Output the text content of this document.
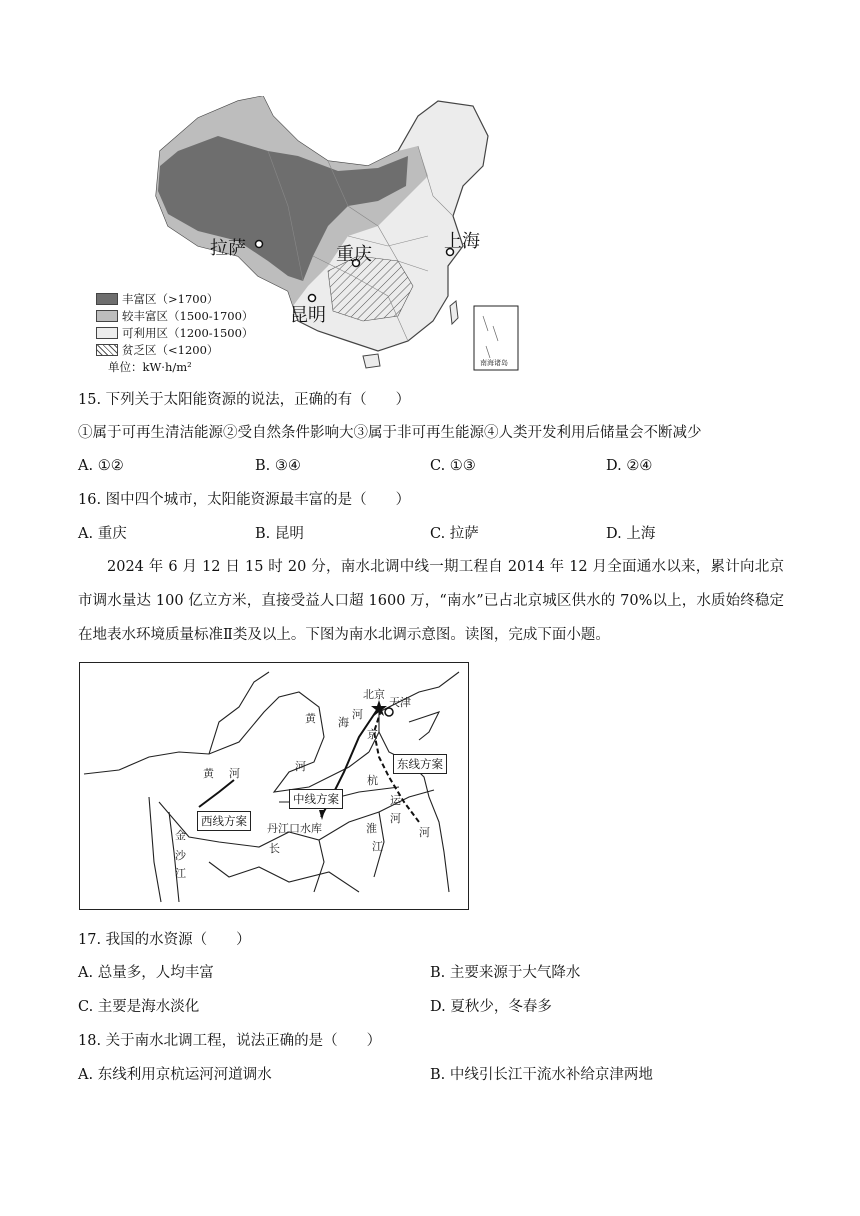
拉萨	重庆
上海
昆明
南海诸岛
丰富区（>1700）
较丰富区（1500-1700）
可利用区（1200-1500）
贫乏区（<1200）
单位：kW·h/m²
15. 下列关于太阳能资源的说法，正确的有（　　）
①属于可再生清洁能源②受自然条件影响大③属于非可再生能源④人类开发利用后储量会不断减少
A. ①②	B. ③④	C. ①③	D. ②④
16. 图中四个城市，太阳能资源最丰富的是（　　）
A. 重庆	B. 昆明	C. 拉萨	D. 上海
2024 年 6 月 12 日 15 时 20 分，南水北调中线一期工程自 2014 年 12 月全面通水以来，累计向北京市调水量达 100 亿立方米，直接受益人口超 1600 万，“南水”已占北京城区供水的 70%以上，水质始终稳定在地表水环境质量标准Ⅱ类及以上。下图为南水北调示意图。读图，完成下面小题。
北京
天津
东线方案
中线方案
西线方案
丹江口水库
黄
河
黄 河
金
沙
江
海
河
京
杭
运
河
淮
江
河
长
17. 我国的水资源（　　）
A. 总量多，人均丰富	B. 主要来源于大气降水
C. 主要是海水淡化	D. 夏秋少，冬春多
18. 关于南水北调工程，说法正确的是（　　）
A. 东线利用京杭运河河道调水	B. 中线引长江干流水补给京津两地
